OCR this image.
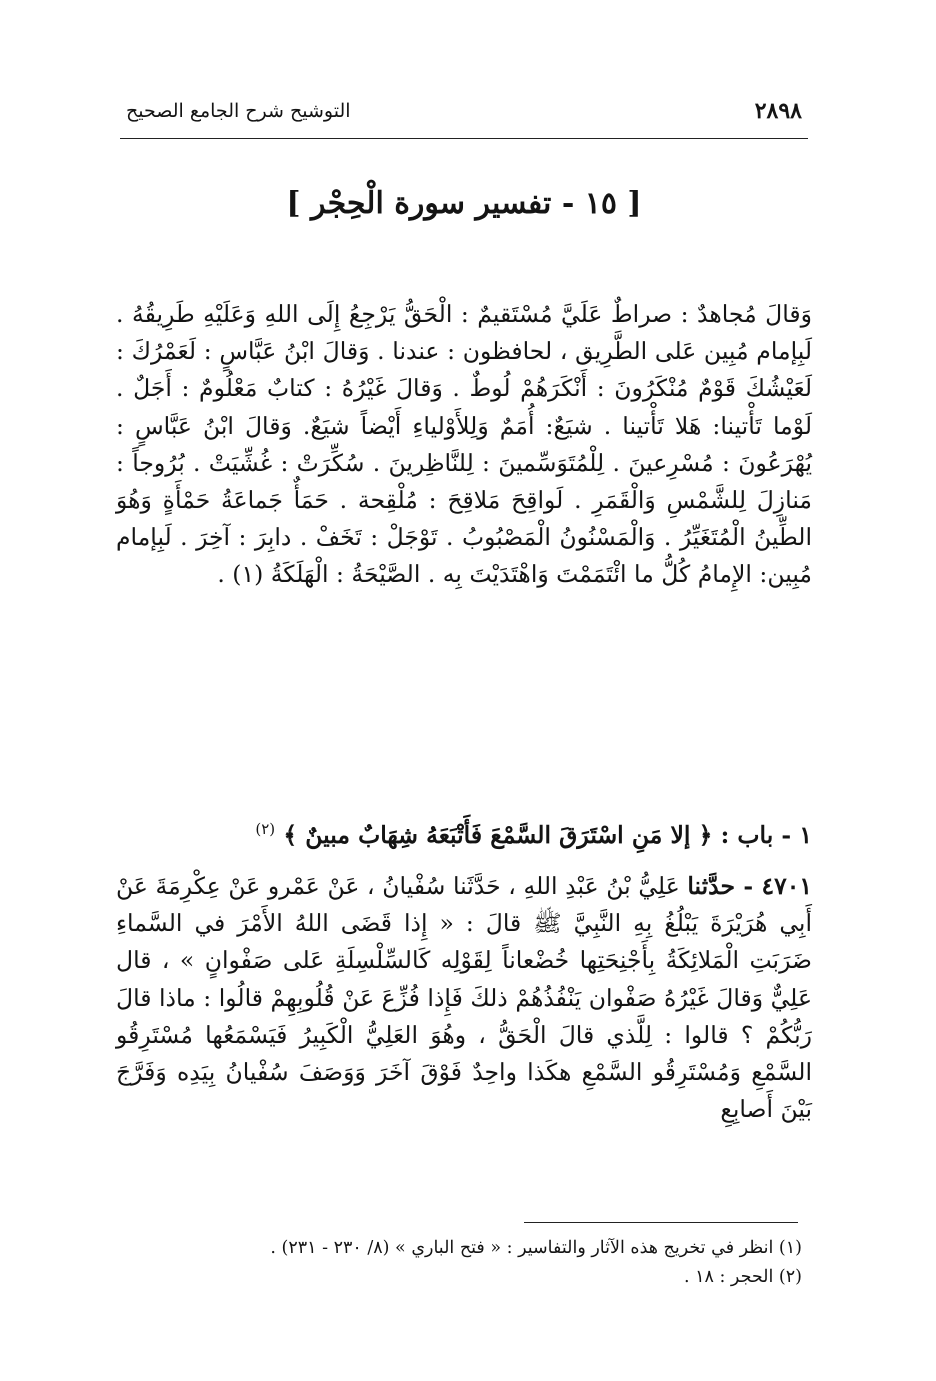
٢٨٩٨
التوشيح شرح الجامع الصحيح
[ ١٥ - تفسير سورة الْحِجْر ]

وَقالَ مُجاهدٌ : صراطٌ عَلَيَّ مُسْتَقيمٌ : الْحَقُّ يَرْجِعُ إِلَى اللهِ وَعَلَيْهِ طَرِيقُهُ . لَبِإمام مُبِين عَلى الطَّرِيق ، لحافظون : عندنا . وَقالَ ابْنُ عَبَّاسٍ : لَعَمْرُكَ : لَعَيْشُكَ قَوْمٌ مُنْكَرُونَ : أَنْكَرَهُمْ لُوطٌ . وَقالَ غَيْرُهُ : كتابٌ مَعْلُومٌ : أَجَلٌ . لَوْما تَأْتينا: هَلا تَأْتينا . شيَعٌ: أُمَمٌ وَلِلأَوْلياءِ أَيْضاً شيَعٌ. وَقالَ ابْنُ عَبَّاسٍ : يُهْرَعُونَ : مُسْرِعينَ . لِلْمُتَوَسِّمينَ : لِلنَّاظِرينَ . سُكِّرَتْ : غُشِّيَتْ . بُرُوجاً : مَنازِلَ لِلشَّمْسِ وَالْقَمَرِ . لَواقِحَ مَلاقِحَ : مُلْقِحة . حَمَأٌ جَماعَةُ حَمْأَةٍ وَهُوَ الطِّينُ الْمُتَغَيِّرُ . وَالْمَسْنُونُ الْمَصْبُوبُ . تَوْجَلْ : تَخَفْ . دابِرَ : آخِرَ . لَبِإمام مُبِين: الإِمامُ كُلُّ ما ائْتَمَمْتَ وَاهْتَدَيْتَ بِه . الصَّيْحَةُ : الْهَلَكَةُ (١) .

١ - باب : ﴿ إلا مَنِ اسْتَرَقَ السَّمْعَ فَأَتْبَعَهُ شِهَابٌ مبينٌ ﴾ $^{(٢)}$

٤٧٠١ - حدَّثنا عَلِيُّ بْنُ عَبْدِ اللهِ ، حَدَّثَنا سُفْيانُ ، عَنْ عَمْرو عَنْ عِكْرِمَةَ عَنْ أَبِي هُرَيْرَةَ يَبْلُغُ بِهِ النَّبِيَّ ﷺ قالَ : « إِذا قَضَى اللهُ الأَمْرَ في السَّماءِ ضَرَبَتِ الْمَلائِكَةُ بِأَجْنِحَتِها خُضْعاناً لِقَوْلِه كَالسِّلْسِلَةِ عَلى صَفْوانٍ » ، قال عَلِيٌّ وَقالَ غَيْرُهُ صَفْوان يَنْفُذُهُمْ ذلكَ فَإِذا فُزِّعَ عَنْ قُلُوبِهِمْ قالُوا : ماذا قالَ رَبُّكُمْ ؟ قالوا : لِلَّذي قالَ الْحَقُّ ، وهُوَ العَلِيُّ الْكَبِيرُ فَيَسْمَعُها مُسْتَرِقُو السَّمْعِ وَمُسْتَرِقُو السَّمْعِ هكَذا واحِدٌ فَوْقَ آخَرَ وَوَصَفَ سُفْيانُ بِيَدِه وَفَرَّجَ بَيْنَ أَصابِعِ

(١) انظر في تخريج هذه الآثار والتفاسير : « فتح الباري » (٨/ ٢٣٠ - ٢٣١) .

(٢) الحجر : ١٨ .
